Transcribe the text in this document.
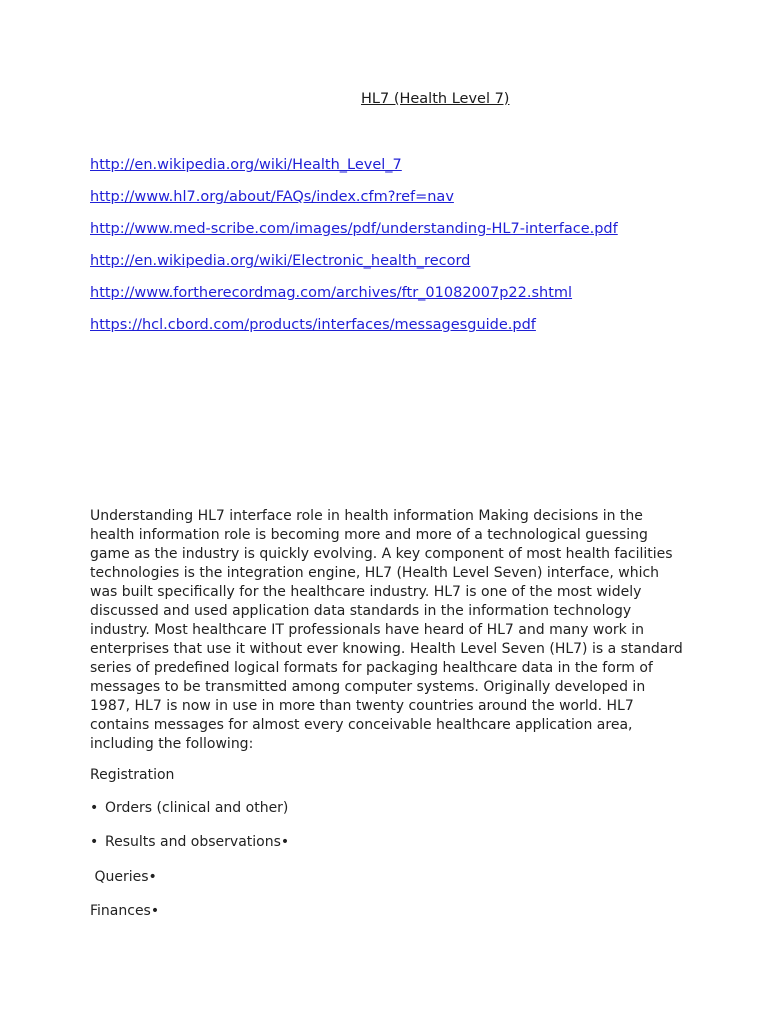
HL7 (Health Level 7)
http://en.wikipedia.org/wiki/Health_Level_7
http://www.hl7.org/about/FAQs/index.cfm?ref=nav
http://www.med-scribe.com/images/pdf/understanding-HL7-interface.pdf
http://en.wikipedia.org/wiki/Electronic_health_record
http://www.fortherecordmag.com/archives/ftr_01082007p22.shtml
https://hcl.cbord.com/products/interfaces/messagesguide.pdf

Understanding HL7 interface role in health information Making decisions in the health information role is becoming more and more of a technological guessing game as the industry is quickly evolving. A key component of most health facilities technologies is the integration engine, HL7 (Health Level Seven) interface, which was built specifically for the healthcare industry. HL7 is one of the most widely discussed and used application data standards in the information technology industry. Most healthcare IT professionals have heard of HL7 and many work in enterprises that use it without ever knowing. Health Level Seven (HL7) is a standard series of predefined logical formats for packaging healthcare data in the form of messages to be transmitted among computer systems. Originally developed in 1987, HL7 is now in use in more than twenty countries around the world. HL7 contains messages for almost every conceivable healthcare application area, including the following:

Registration
• Orders (clinical and other)
• Results and observations•
Queries•
Finances•
